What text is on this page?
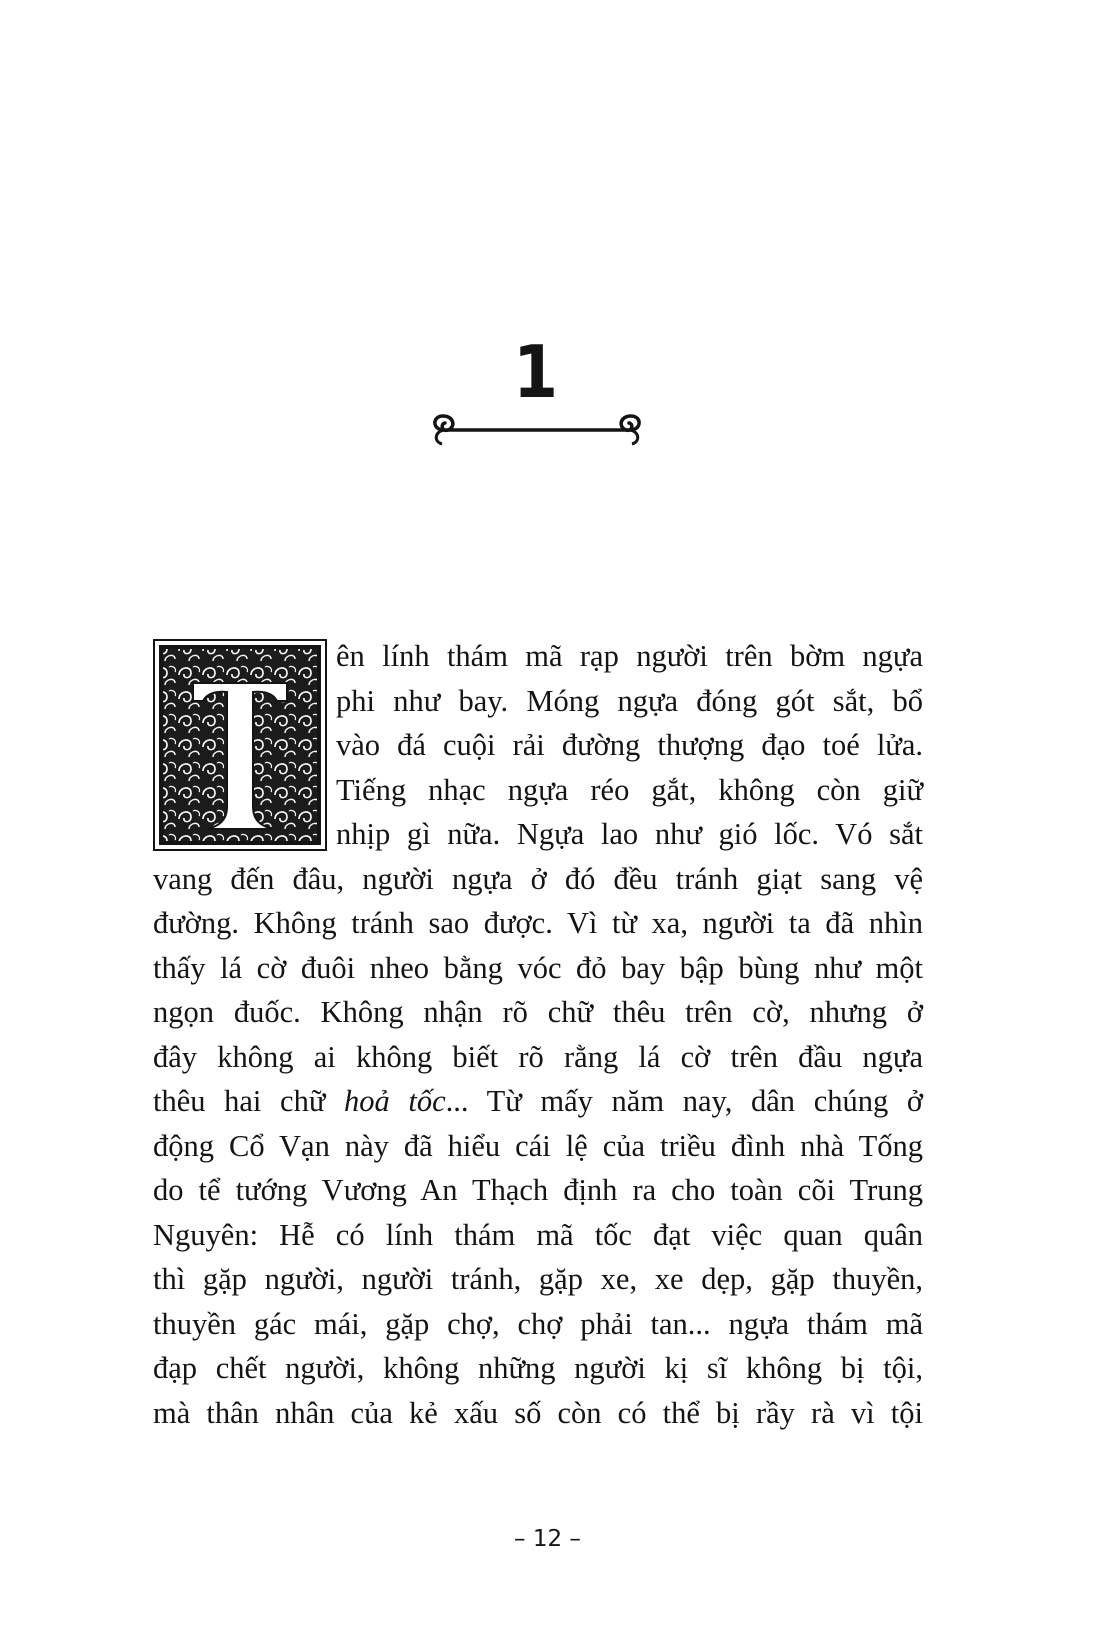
1
ên lính thám mã rạp người trên bờm ngựa
phi như bay. Móng ngựa đóng gót sắt, bổ
vào đá cuội rải đường thượng đạo toé lửa.
Tiếng nhạc ngựa réo gắt, không còn giữ
nhịp gì nữa. Ngựa lao như gió lốc. Vó sắt
vang đến đâu, người ngựa ở đó đều tránh giạt sang vệ
đường. Không tránh sao được. Vì từ xa, người ta đã nhìn
thấy lá cờ đuôi nheo bằng vóc đỏ bay bập bùng như một
ngọn đuốc. Không nhận rõ chữ thêu trên cờ, nhưng ở
đây không ai không biết rõ rằng lá cờ trên đầu ngựa
thêu hai chữ hoả tốc... Từ mấy năm nay, dân chúng ở
động Cổ Vạn này đã hiểu cái lệ của triều đình nhà Tống
do tể tướng Vương An Thạch định ra cho toàn cõi Trung
Nguyên: Hễ có lính thám mã tốc đạt việc quan quân
thì gặp người, người tránh, gặp xe, xe dẹp, gặp thuyền,
thuyền gác mái, gặp chợ, chợ phải tan... ngựa thám mã
đạp chết người, không những người kị sĩ không bị tội,
mà thân nhân của kẻ xấu số còn có thể bị rầy rà vì tội

– 12 –
